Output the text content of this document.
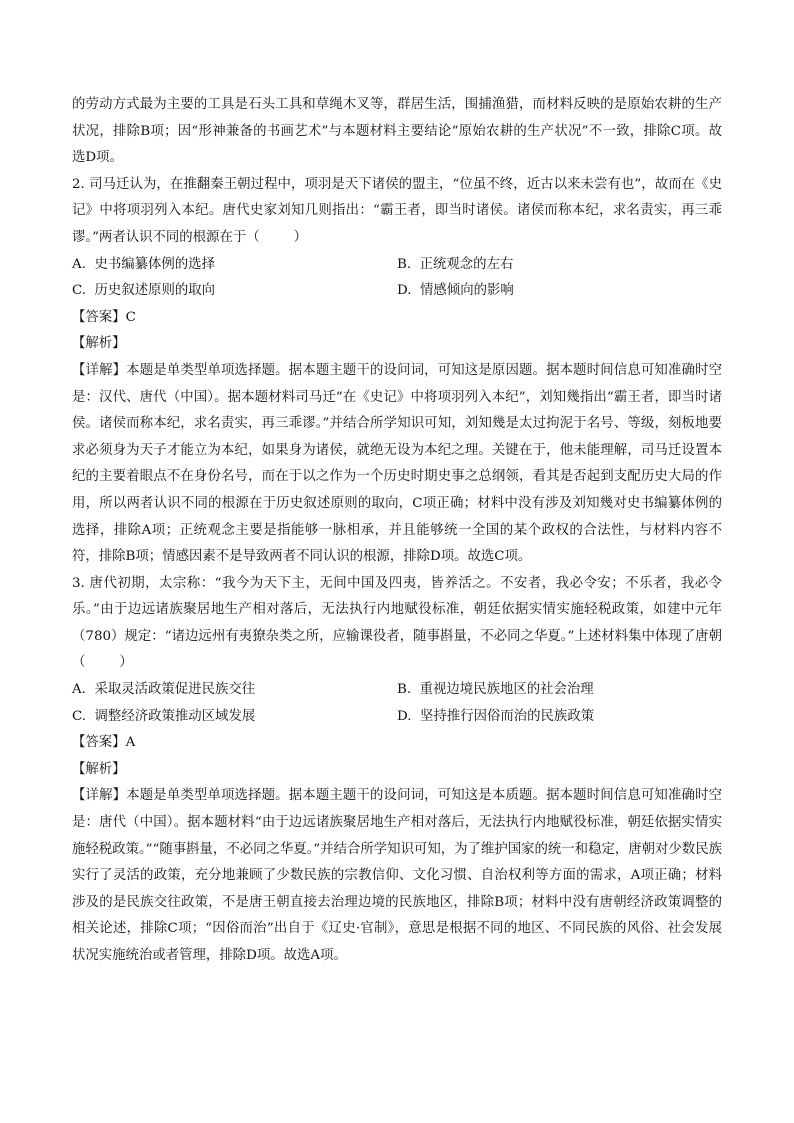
的劳动方式最为主要的工具是石头工具和草绳木叉等，群居生活，围捕渔猎，而材料反映的是原始农耕的生产状况，排除B项；因“形神兼备的书画艺术”与本题材料主要结论“原始农耕的生产状况”不一致，排除C项。故选D项。

2. 司马迁认为，在推翻秦王朝过程中，项羽是天下诸侯的盟主，“位虽不终，近古以来未尝有也”，故而在《史记》中将项羽列入本纪。唐代史家刘知几则指出：“霸王者，即当时诸侯。诸侯而称本纪，求名责实，再三乖谬。”两者认识不同的根源在于（	）

A. 史书编纂体例的选择	B. 正统观念的左右
C. 历史叙述原则的取向	D. 情感倾向的影响

【答案】C

【解析】

【详解】本题是单类型单项选择题。据本题主题干的设问词，可知这是原因题。据本题时间信息可知准确时空是：汉代、唐代（中国）。据本题材料司马迁“在《史记》中将项羽列入本纪”，刘知幾指出“霸王者，即当时诸侯。诸侯而称本纪，求名责实，再三乖谬。”并结合所学知识可知，刘知幾是太过拘泥于名号、等级，刻板地要求必须身为天子才能立为本纪，如果身为诸侯，就绝无设为本纪之理。关键在于，他未能理解，司马迁设置本纪的主要着眼点不在身份名号，而在于以之作为一个历史时期史事之总纲领，看其是否起到支配历史大局的作用，所以两者认识不同的根源在于历史叙述原则的取向，C项正确；材料中没有涉及刘知幾对史书编纂体例的选择，排除A项；正统观念主要是指能够一脉相承，并且能够统一全国的某个政权的合法性，与材料内容不符，排除B项；情感因素不是导致两者不同认识的根源，排除D项。故选C项。

3. 唐代初期，太宗称：“我今为天下主，无间中国及四夷，皆养活之。不安者，我必令安；不乐者，我必令乐。”由于边远诸族聚居地生产相对落后，无法执行内地赋役标准，朝廷依据实情实施轻税政策，如建中元年（780）规定：“诸边远州有夷獠杂类之所，应输课役者，随事斟量，不必同之华夏。”上述材料集中体现了唐朝（	）

A. 采取灵活政策促进民族交往	B. 重视边境民族地区的社会治理
C. 调整经济政策推动区域发展	D. 坚持推行因俗而治的民族政策

【答案】A

【解析】

【详解】本题是单类型单项选择题。据本题主题干的设问词，可知这是本质题。据本题时间信息可知准确时空是：唐代（中国）。据本题材料“由于边远诸族聚居地生产相对落后，无法执行内地赋役标准，朝廷依据实情实施轻税政策。”“随事斟量，不必同之华夏。”并结合所学知识可知，为了维护国家的统一和稳定，唐朝对少数民族实行了灵活的政策，充分地兼顾了少数民族的宗教信仰、文化习惯、自治权利等方面的需求，A项正确；材料涉及的是民族交往政策，不是唐王朝直接去治理边境的民族地区，排除B项；材料中没有唐朝经济政策调整的相关论述，排除C项；“因俗而治”出自于《辽史·官制》，意思是根据不同的地区、不同民族的风俗、社会发展状况实施统治或者管理，排除D项。故选A项。
